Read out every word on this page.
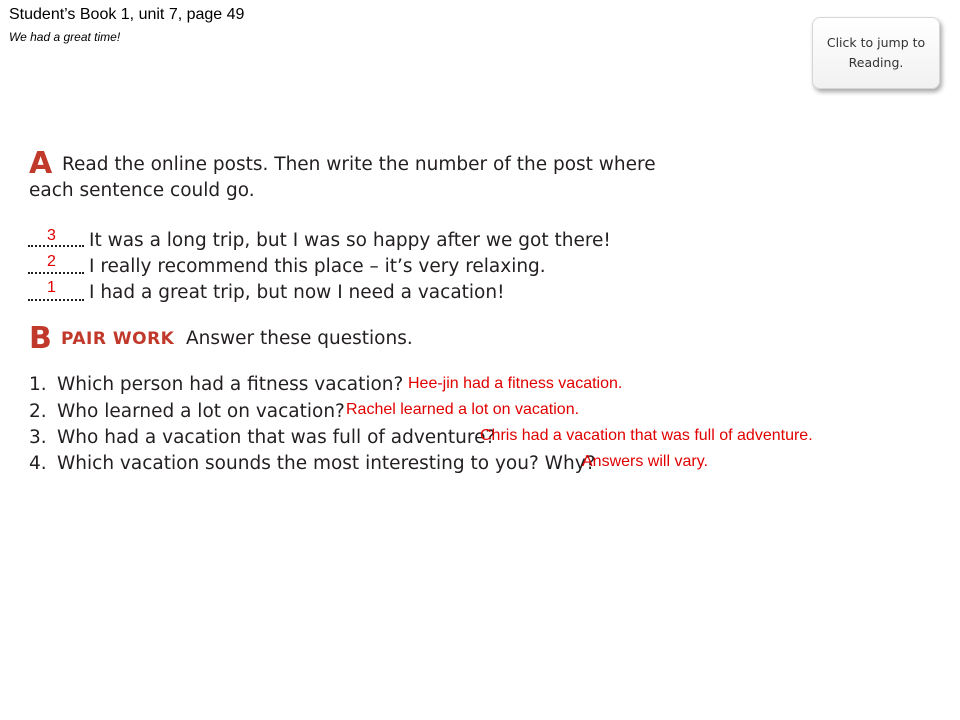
Student’s Book 1, unit 7, page 49
We had a great time!	Click to jump to Reading.
A Read the online posts. Then write the number of the post where
each sentence could go.
3 It was a long trip, but I was so happy after we got there!
2 I really recommend this place – it’s very relaxing.
1 I had a great trip, but now I need a vacation!
B PAIR WORK Answer these questions.
1. Which person had a fitness vacation? Hee-jin had a fitness vacation.
2. Who learned a lot on vacation? Rachel learned a lot on vacation.
3. Who had a vacation that was full of adventure?
Chris had a vacation that was full of adventure.
4. Which vacation sounds the most interesting to you? Why?
Answers will vary.
